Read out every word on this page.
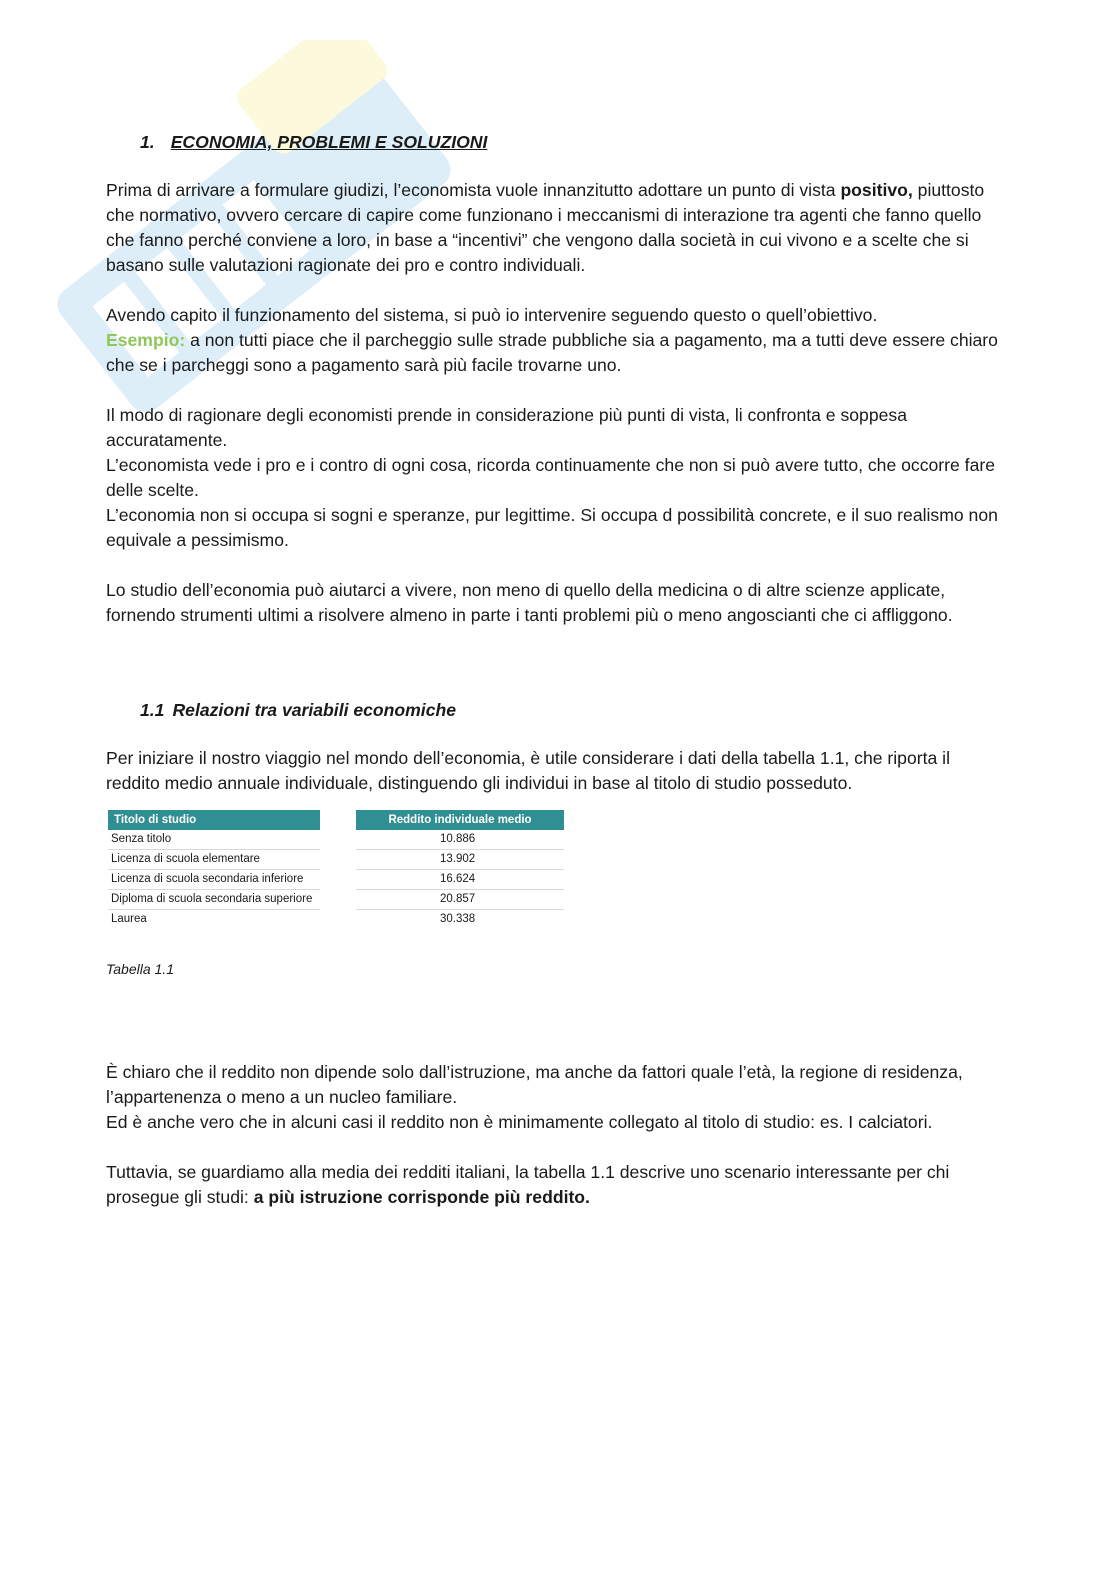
1. ECONOMIA, PROBLEMI E SOLUZIONI

Prima di arrivare a formulare giudizi, l’economista vuole innanzitutto adottare un punto di vista positivo, piuttosto che normativo, ovvero cercare di capire come funzionano i meccanismi di interazione tra agenti che fanno quello che fanno perché conviene a loro, in base a “incentivi” che vengono dalla società in cui vivono e a scelte che si basano sulle valutazioni ragionate dei pro e contro individuali.

Avendo capito il funzionamento del sistema, si può io intervenire seguendo questo o quell’obiettivo.
Esempio: a non tutti piace che il parcheggio sulle strade pubbliche sia a pagamento, ma a tutti deve essere chiaro che se i parcheggi sono a pagamento sarà più facile trovarne uno.

Il modo di ragionare degli economisti prende in considerazione più punti di vista, li confronta e soppesa accuratamente.
L’economista vede i pro e i contro di ogni cosa, ricorda continuamente che non si può avere tutto, che occorre fare delle scelte.
L’economia non si occupa si sogni e speranze, pur legittime. Si occupa d possibilità concrete, e il suo realismo non equivale a pessimismo.

Lo studio dell’economia può aiutarci a vivere, non meno di quello della medicina o di altre scienze applicate, fornendo strumenti ultimi a risolvere almeno in parte i tanti problemi più o meno angoscianti che ci affliggono.

1.1 Relazioni tra variabili economiche

Per iniziare il nostro viaggio nel mondo dell’economia, è utile considerare i dati della tabella 1.1, che riporta il reddito medio annuale individuale, distinguendo gli individui in base al titolo di studio posseduto.

Titolo di studio		Reddito individuale medio
Senza titolo		10.886
Licenza di scuola elementare		13.902
Licenza di scuola secondaria inferiore		16.624
Diploma di scuola secondaria superiore		20.857
Laurea		30.338
Tabella 1.1

È chiaro che il reddito non dipende solo dall’istruzione, ma anche da fattori quale l’età, la regione di residenza, l’appartenenza o meno a un nucleo familiare.
Ed è anche vero che in alcuni casi il reddito non è minimamente collegato al titolo di studio: es. I calciatori.

Tuttavia, se guardiamo alla media dei redditi italiani, la tabella 1.1 descrive uno scenario interessante per chi prosegue gli studi: a più istruzione corrisponde più reddito.
